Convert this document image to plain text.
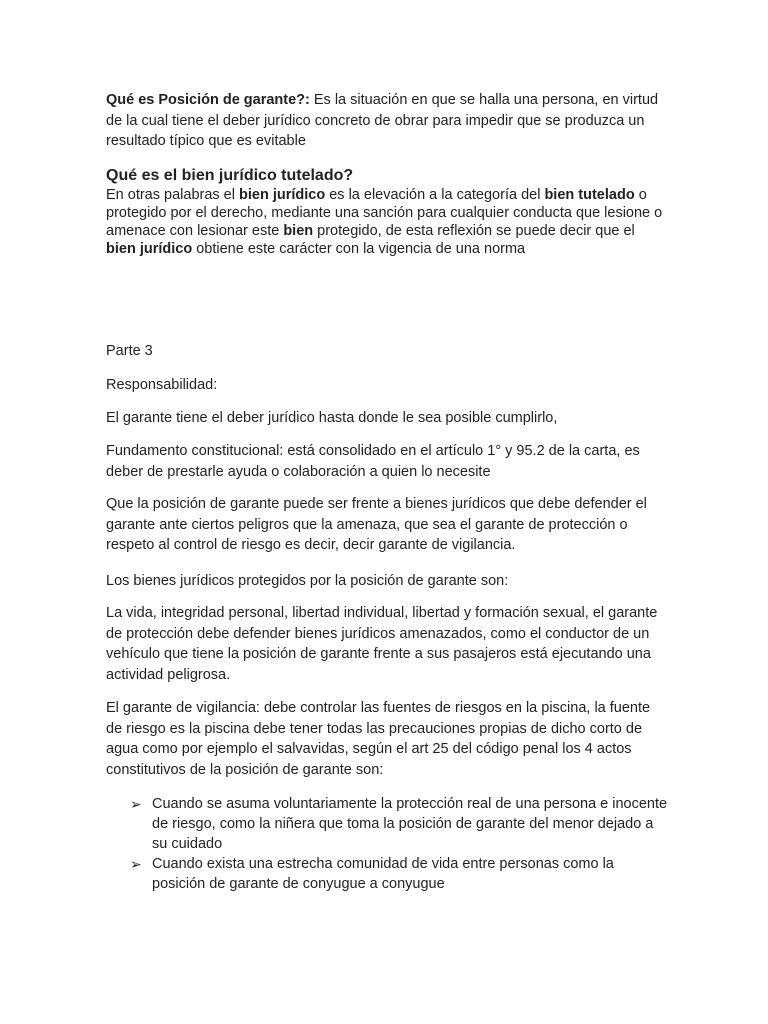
Qué es Posición de garante?: Es la situación en que se halla una persona, en virtud de la cual tiene el deber jurídico concreto de obrar para impedir que se produzca un resultado típico que es evitable
Qué es el bien jurídico tutelado?
En otras palabras el bien jurídico es la elevación a la categoría del bien tutelado o protegido por el derecho, mediante una sanción para cualquier conducta que lesione o amenace con lesionar este bien protegido, de esta reflexión se puede decir que el bien jurídico obtiene este carácter con la vigencia de una norma
Parte 3
Responsabilidad:
El garante tiene el deber jurídico hasta donde le sea posible cumplirlo,
Fundamento constitucional: está consolidado en el artículo 1° y 95.2 de la carta, es deber de prestarle ayuda o colaboración a quien lo necesite
Que la posición de garante puede ser frente a bienes jurídicos que debe defender el garante ante ciertos peligros que la amenaza, que sea el garante de protección o respeto al control de riesgo es decir, decir garante de vigilancia.
Los bienes jurídicos protegidos por la posición de garante son:
La vida, integridad personal, libertad individual, libertad y formación sexual, el garante de protección debe defender bienes jurídicos amenazados, como el conductor de un vehículo que tiene la posición de garante frente a sus pasajeros está ejecutando una actividad peligrosa.
El garante de vigilancia: debe controlar las fuentes de riesgos en la piscina, la fuente de riesgo es la piscina debe tener todas las precauciones propias de dicho corto de agua como por ejemplo el salvavidas, según el art 25 del código penal los 4 actos constitutivos de la posición de garante son:
➢ Cuando se asuma voluntariamente la protección real de una persona e inocente de riesgo, como la niñera que toma la posición de garante del menor dejado a su cuidado
➢ Cuando exista una estrecha comunidad de vida entre personas como la posición de garante de conyugue a conyugue
